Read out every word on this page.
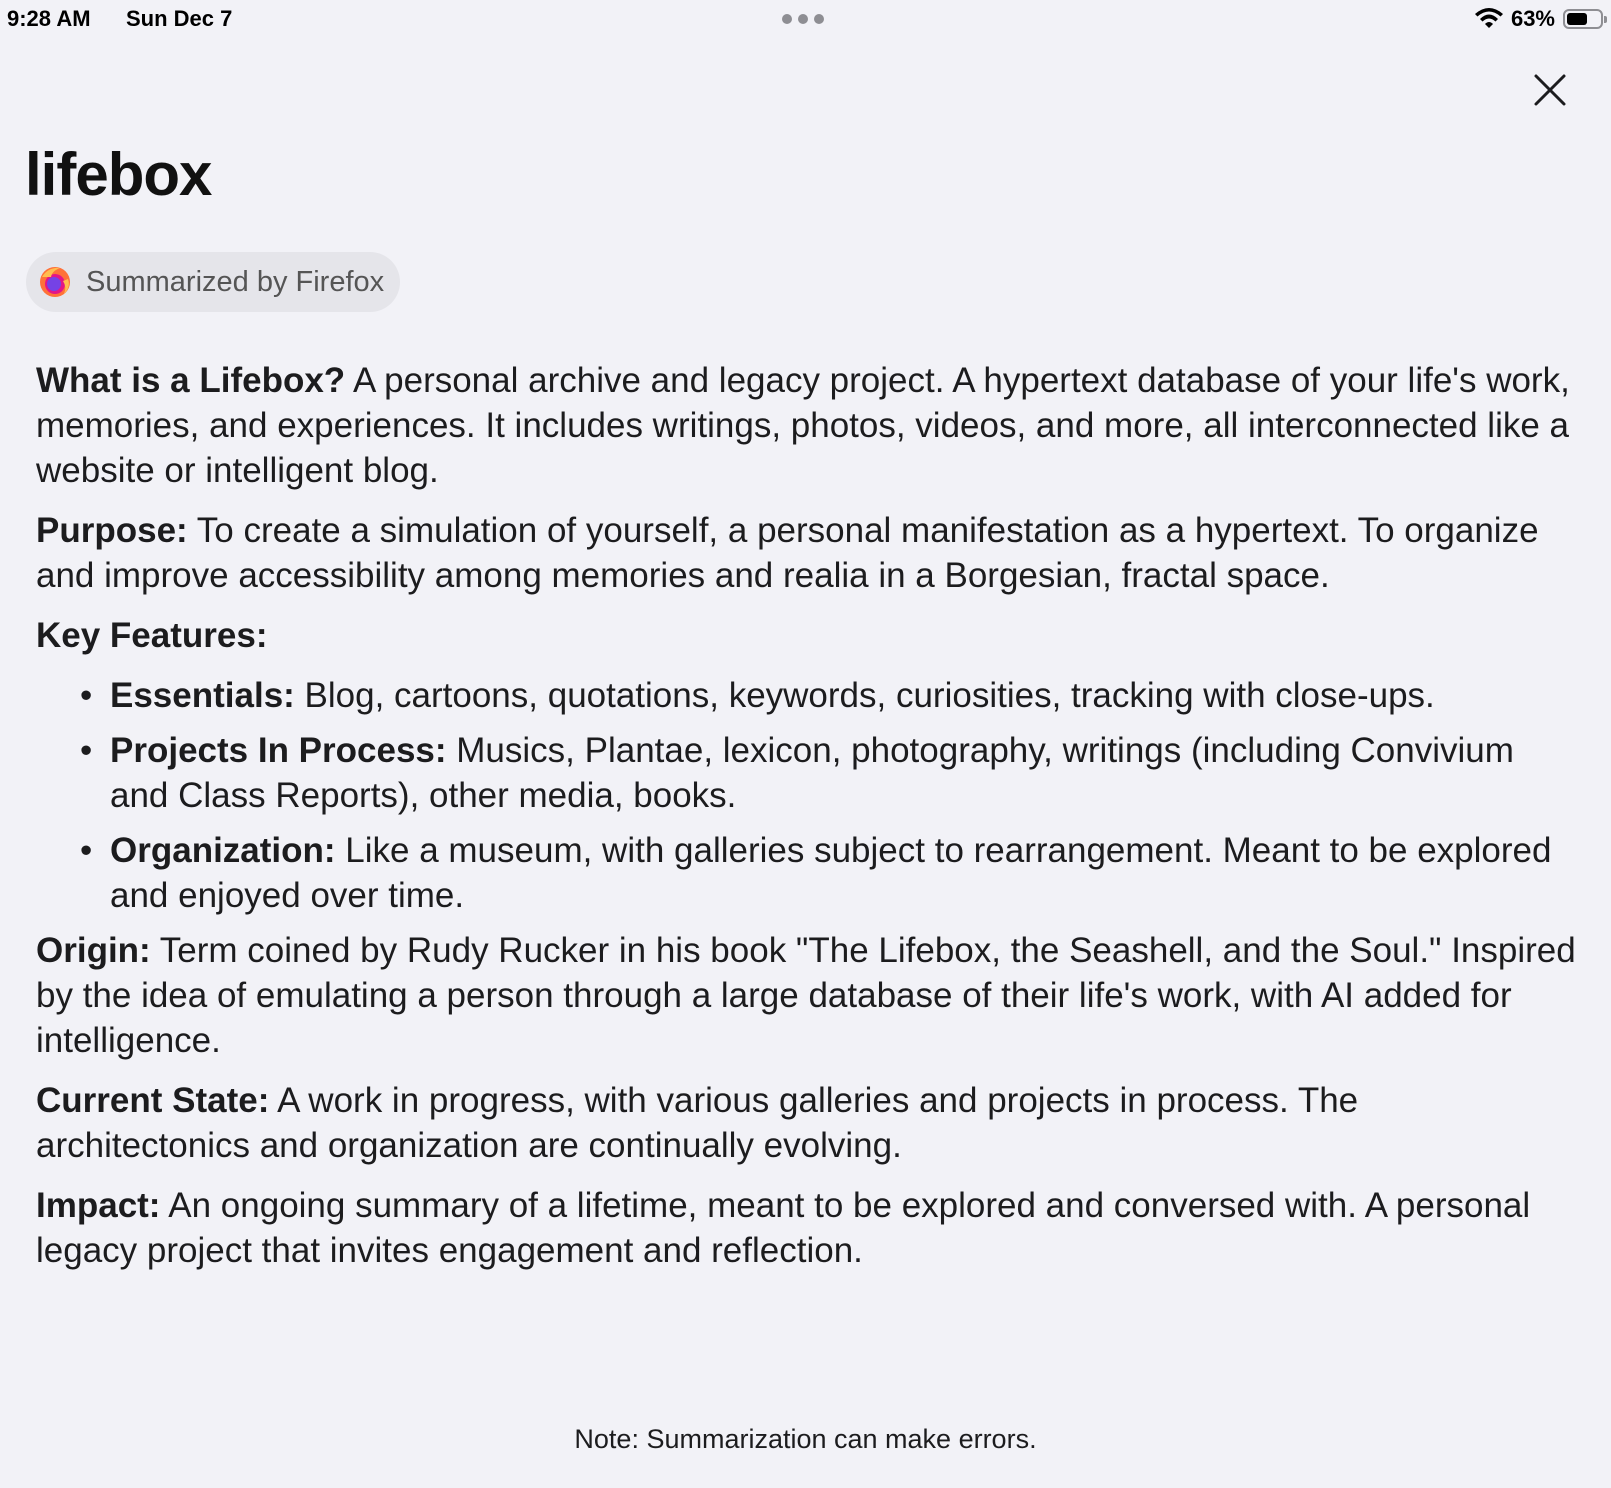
9:28 AM Sun Dec 7	63%
lifebox
Summarized by Firefox

What is a Lifebox? A personal archive and legacy project. A hypertext database of your life's work, memories, and experiences. It includes writings, photos, videos, and more, all interconnected like a website or intelligent blog.

Purpose: To create a simulation of yourself, a personal manifestation as a hypertext. To organize and improve accessibility among memories and realia in a Borgesian, fractal space.

Key Features:

• Essentials: Blog, cartoons, quotations, keywords, curiosities, tracking with close-ups.
• Projects In Process: Musics, Plantae, lexicon, photography, writings (including Convivium and Class Reports), other media, books.
• Organization: Like a museum, with galleries subject to rearrangement. Meant to be explored and enjoyed over time.

Origin: Term coined by Rudy Rucker in his book "The Lifebox, the Seashell, and the Soul." Inspired by the idea of emulating a person through a large database of their life's work, with AI added for intelligence.

Current State: A work in progress, with various galleries and projects in process. The architectonics and organization are continually evolving.

Impact: An ongoing summary of a lifetime, meant to be explored and conversed with. A personal legacy project that invites engagement and reflection.

Note: Summarization can make errors.
